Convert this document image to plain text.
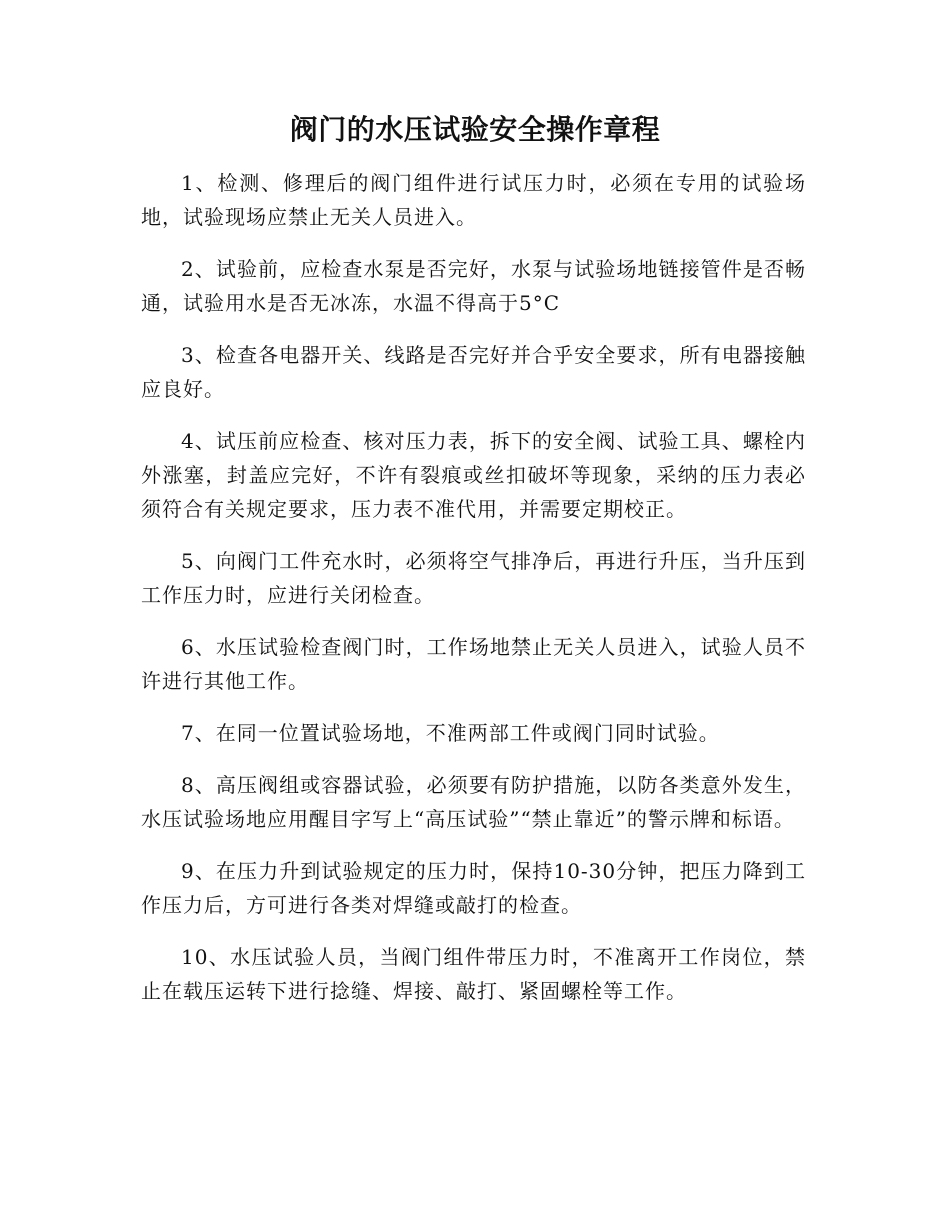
阀门的水压试验安全操作章程

1、检测、修理后的阀门组件进行试压力时，必须在专用的试验场地，试验现场应禁止无关人员进入。

2、试验前，应检查水泵是否完好，水泵与试验场地链接管件是否畅通，试验用水是否无冰冻，水温不得高于5°C

3、检查各电器开关、线路是否完好并合乎安全要求，所有电器接触应良好。

4、试压前应检查、核对压力表，拆下的安全阀、试验工具、螺栓内外涨塞，封盖应完好，不许有裂痕或丝扣破坏等现象，采纳的压力表必须符合有关规定要求，压力表不准代用，并需要定期校正。

5、向阀门工件充水时，必须将空气排净后，再进行升压，当升压到工作压力时，应进行关闭检查。

6、水压试验检查阀门时，工作场地禁止无关人员进入，试验人员不许进行其他工作。

7、在同一位置试验场地，不准两部工件或阀门同时试验。

8、高压阀组或容器试验，必须要有防护措施，以防各类意外发生，水压试验场地应用醒目字写上“高压试验”“禁止靠近”的警示牌和标语。

9、在压力升到试验规定的压力时，保持10-30分钟，把压力降到工作压力后，方可进行各类对焊缝或敲打的检查。

10、水压试验人员，当阀门组件带压力时，不准离开工作岗位，禁止在载压运转下进行捻缝、焊接、敲打、紧固螺栓等工作。
